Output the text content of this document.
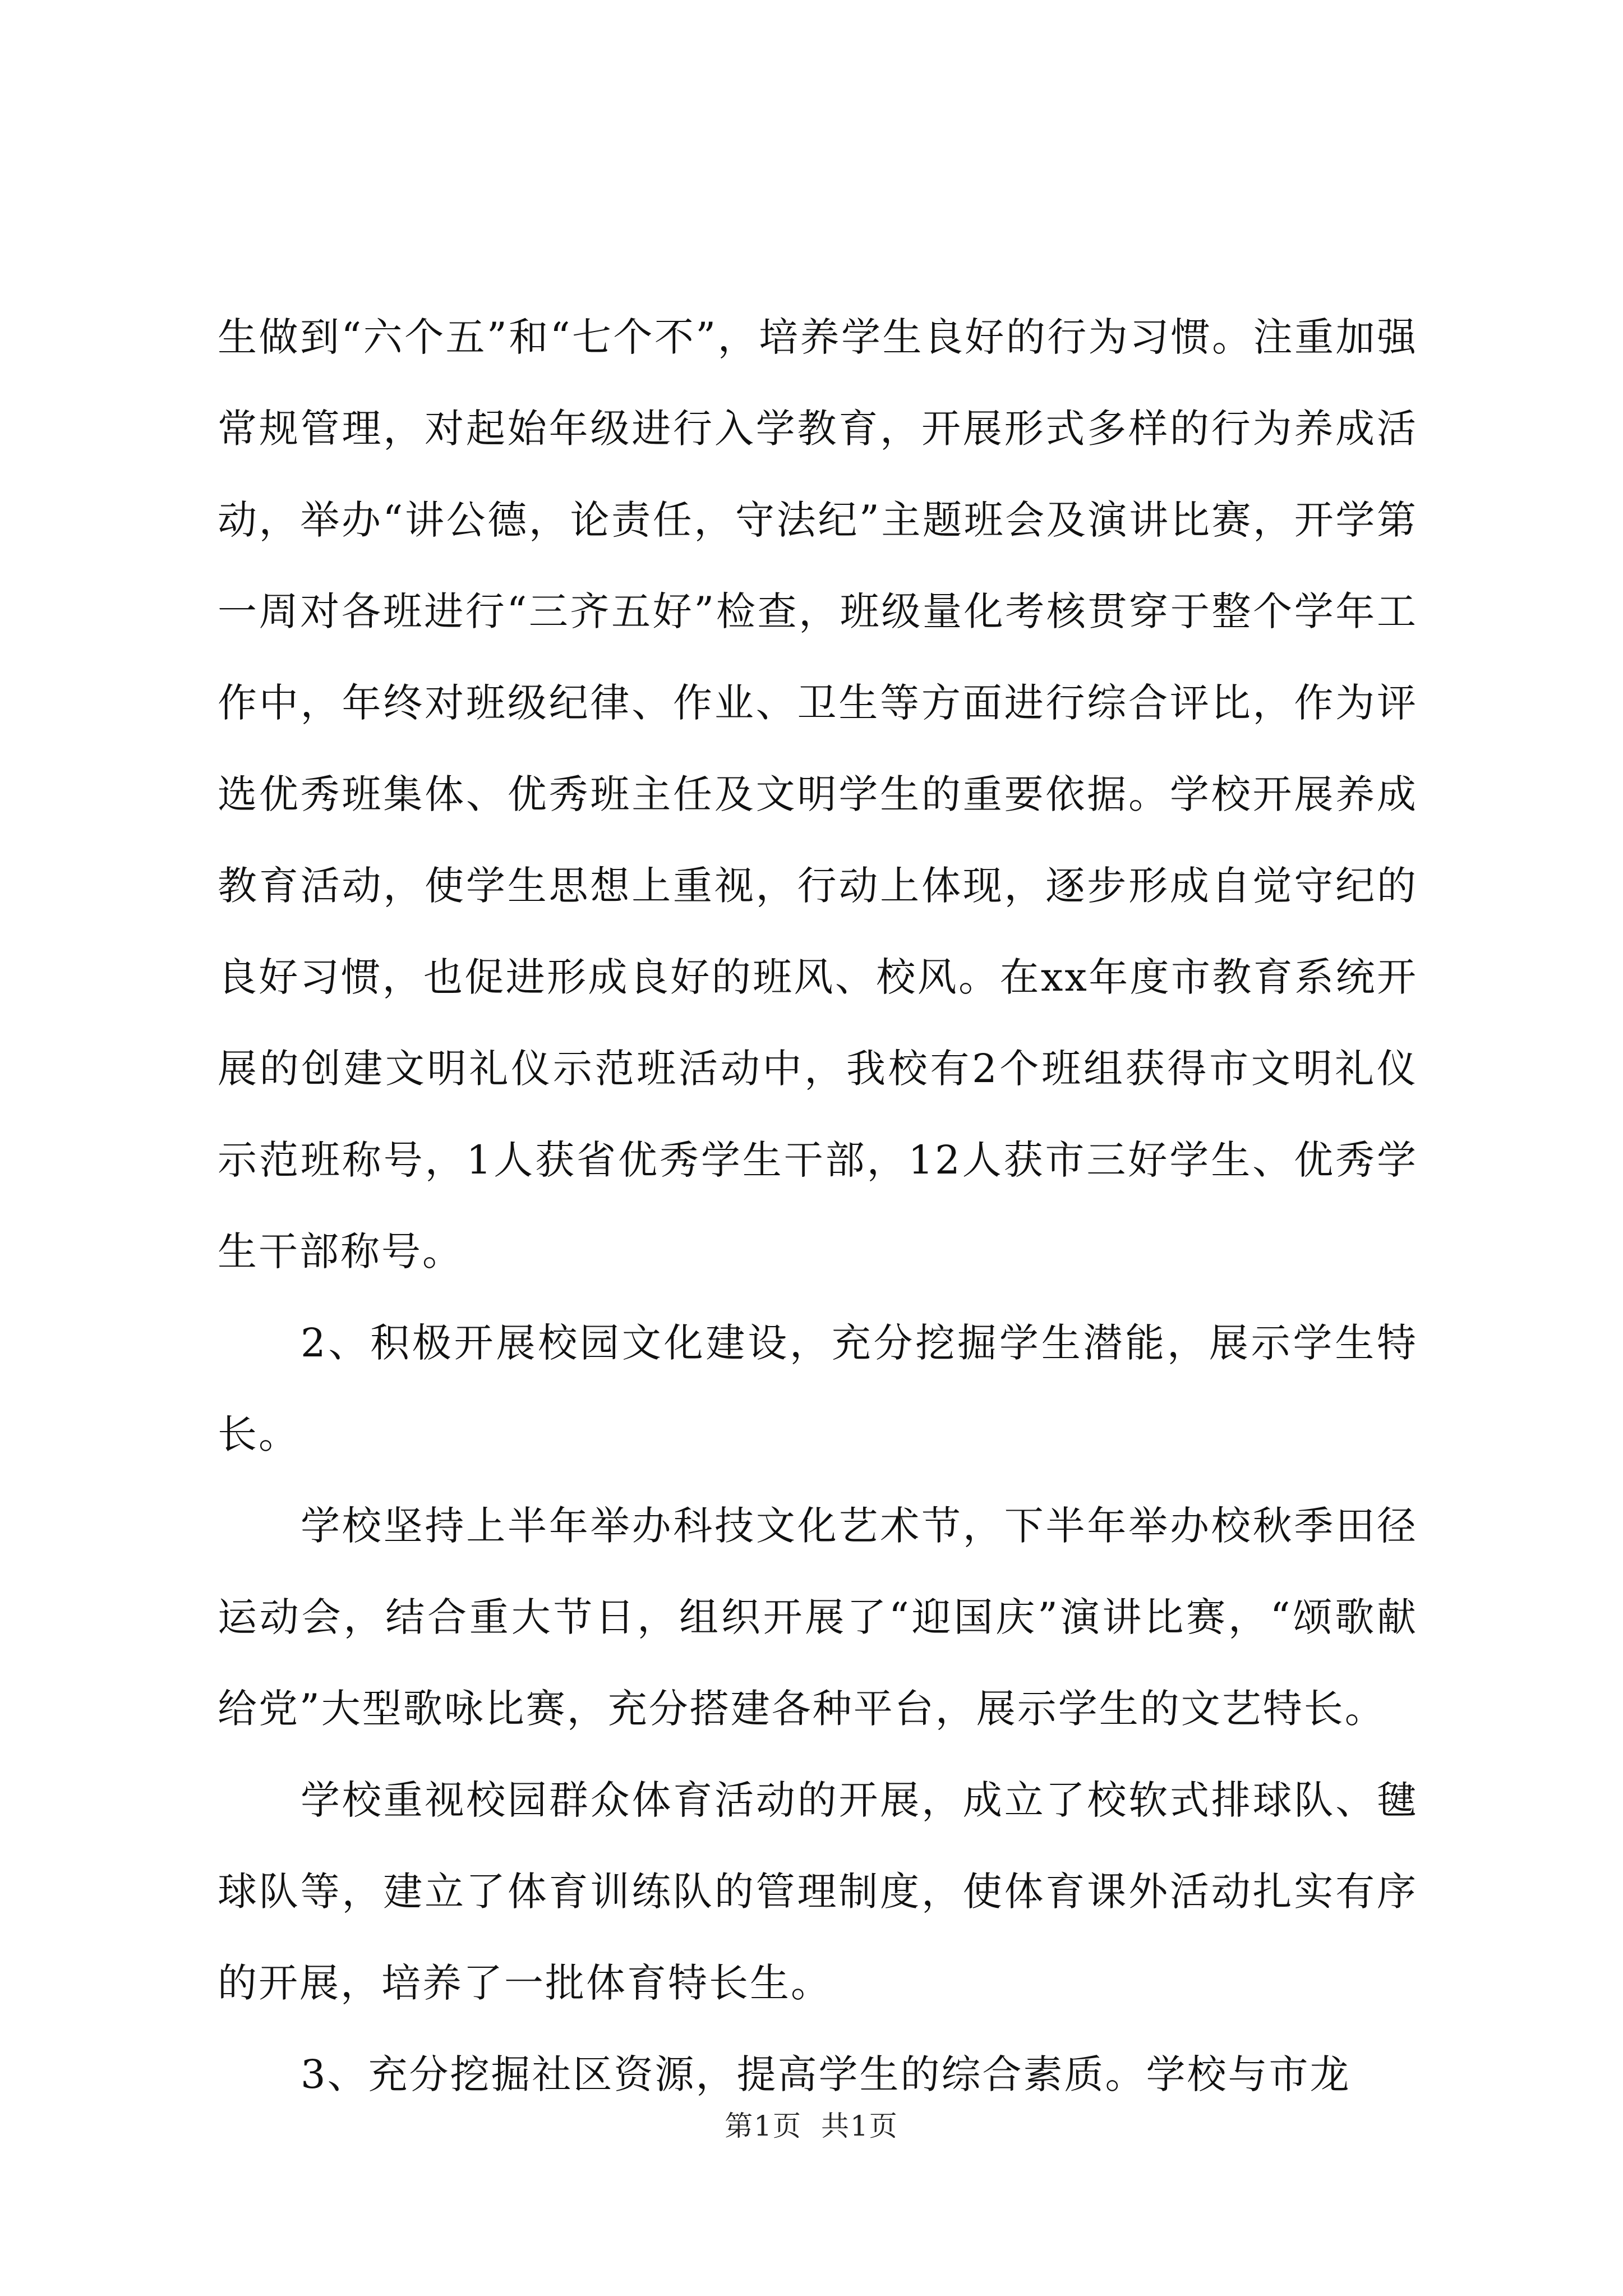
生做到“六个五”和“七个不”，培养学生良好的行为习惯。注重加强常规管理，对起始年级进行入学教育，开展形式多样的行为养成活动，举办“讲公德，论责任，守法纪”主题班会及演讲比赛，开学第一周对各班进行“三齐五好”检查，班级量化考核贯穿于整个学年工作中，年终对班级纪律、作业、卫生等方面进行综合评比，作为评选优秀班集体、优秀班主任及文明学生的重要依据。学校开展养成教育活动，使学生思想上重视，行动上体现，逐步形成自觉守纪的良好习惯，也促进形成良好的班风、校风。在xx年度市教育系统开展的创建文明礼仪示范班活动中，我校有2个班组获得市文明礼仪示范班称号，1人获省优秀学生干部，12人获市三好学生、优秀学生干部称号。

2、积极开展校园文化建设，充分挖掘学生潜能，展示学生特长。

学校坚持上半年举办科技文化艺术节，下半年举办校秋季田径运动会，结合重大节日，组织开展了“迎国庆”演讲比赛，“颂歌献给党”大型歌咏比赛，充分搭建各种平台，展示学生的文艺特长。

学校重视校园群众体育活动的开展，成立了校软式排球队、毽球队等，建立了体育训练队的管理制度，使体育课外活动扎实有序的开展，培养了一批体育特长生。

3、充分挖掘社区资源，提高学生的综合素质。学校与市龙

第1页 共1页
